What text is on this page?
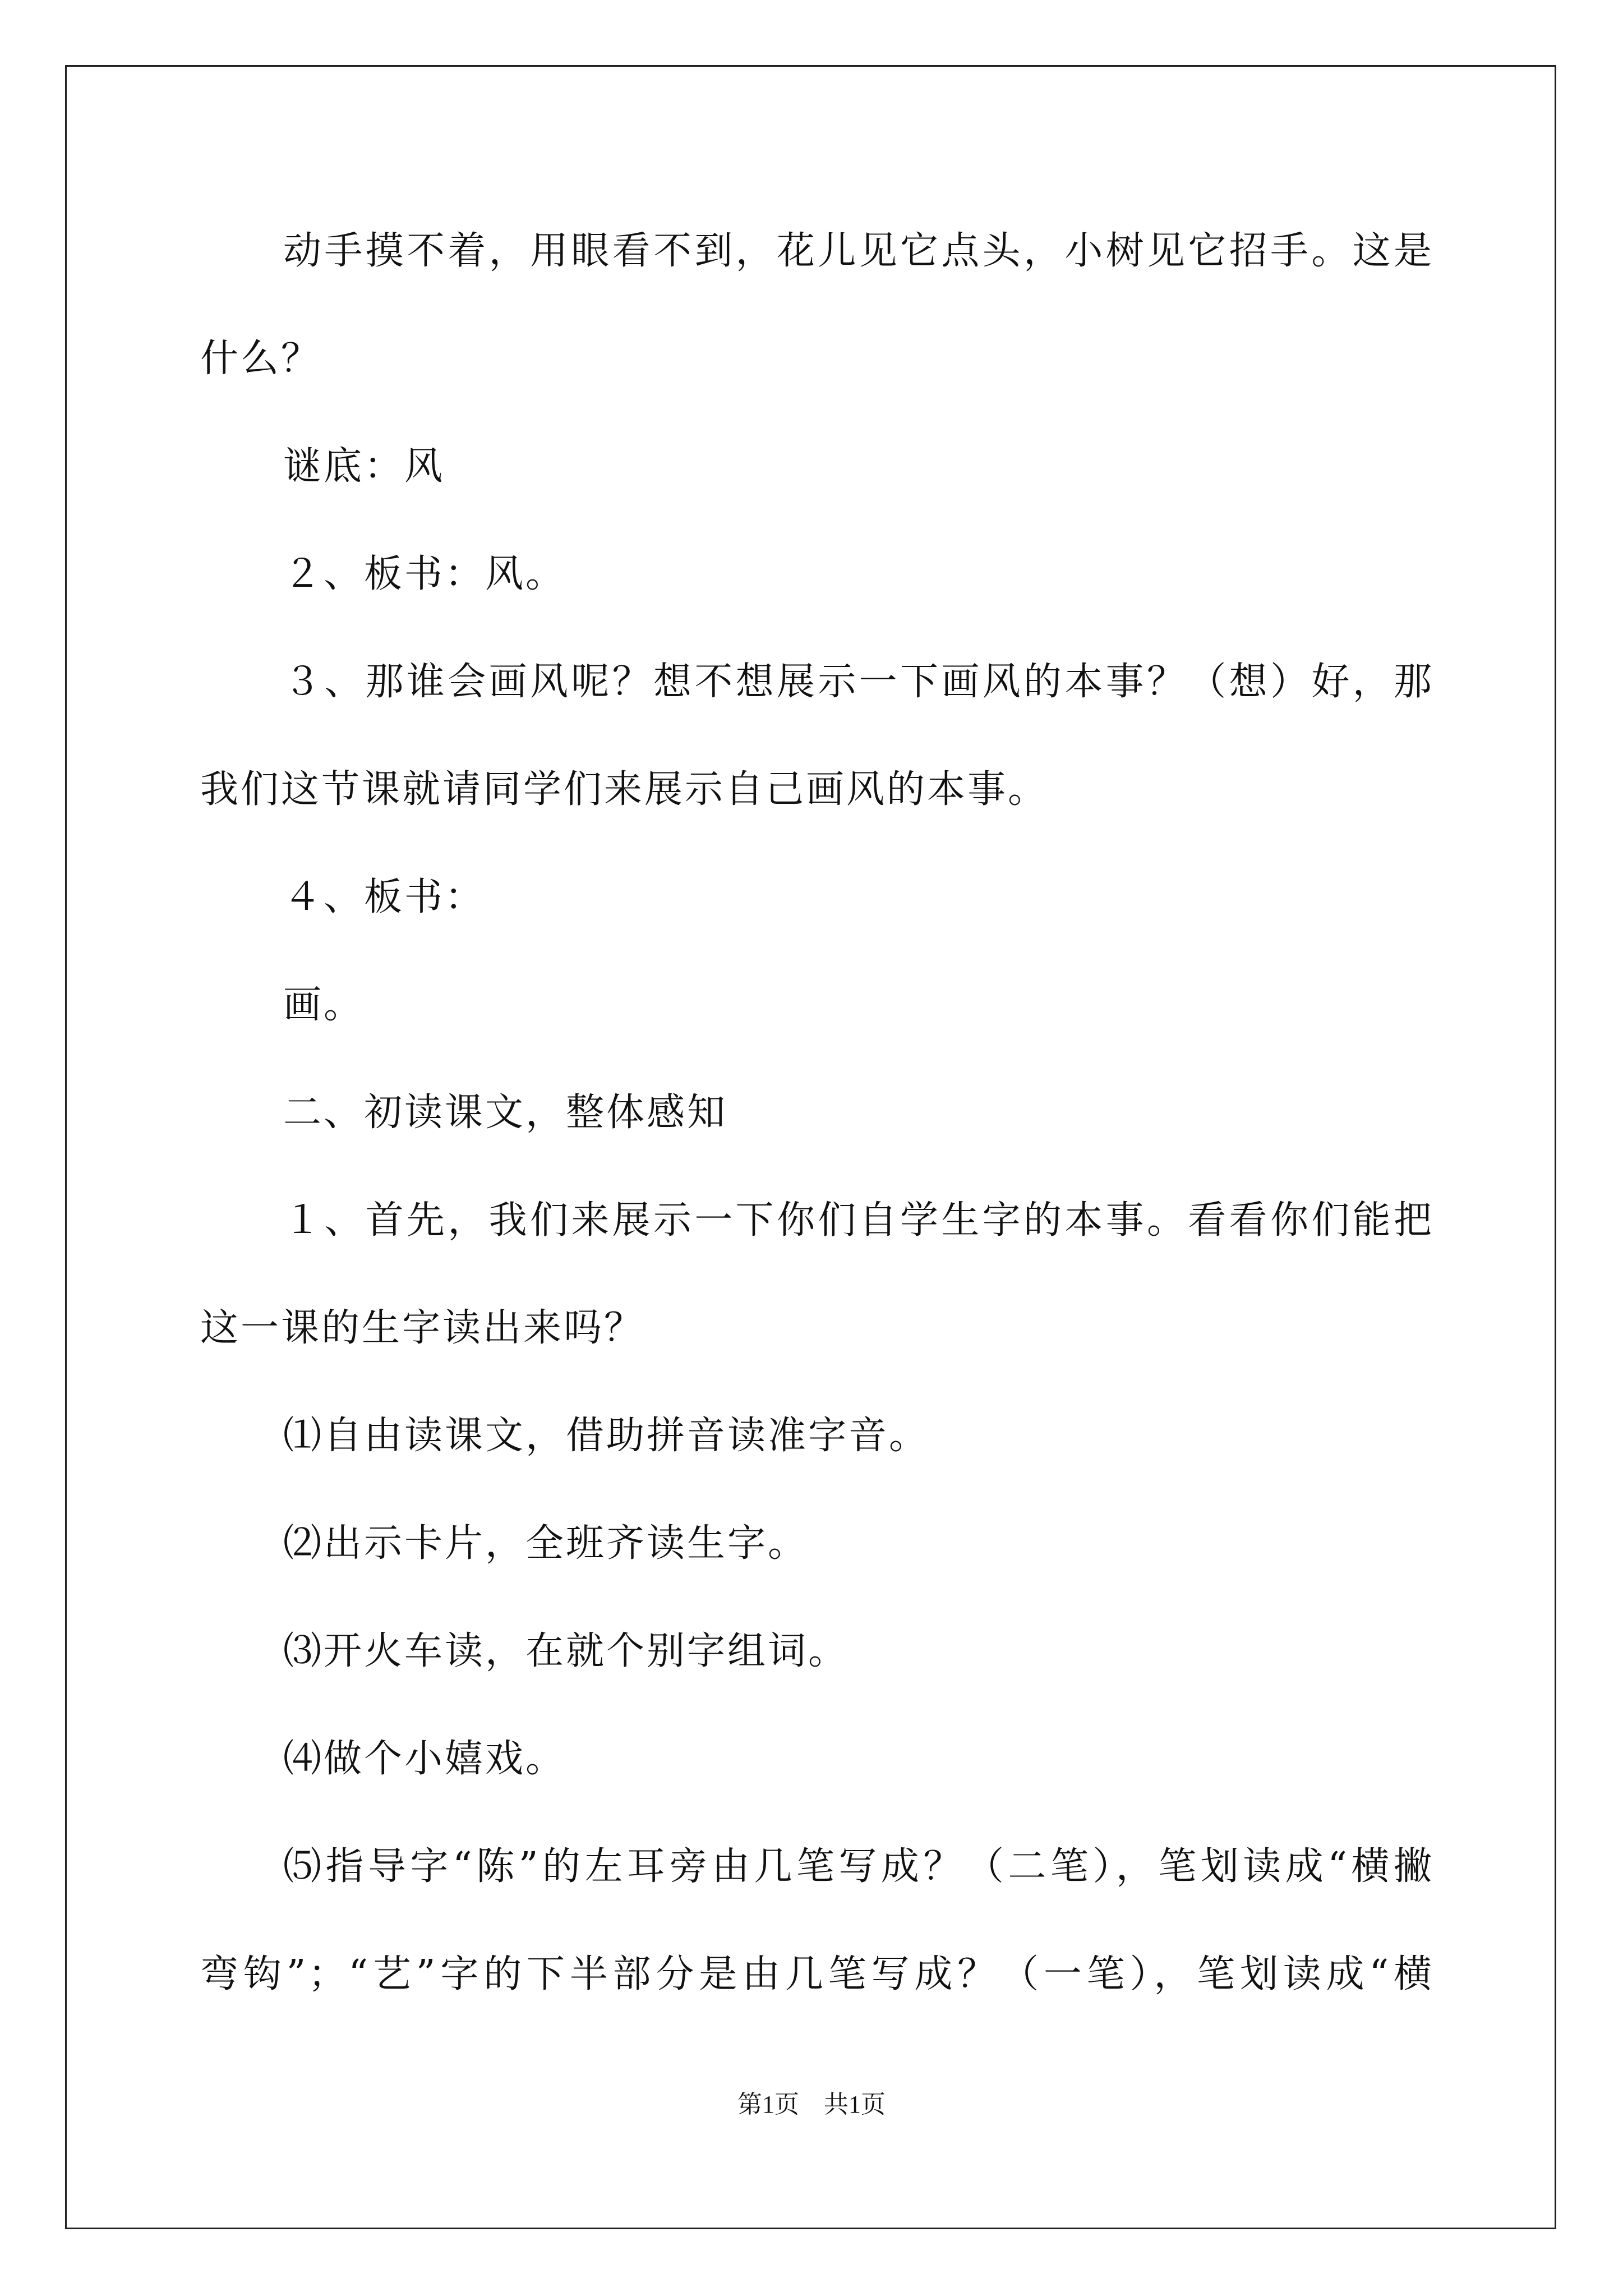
动手摸不着，用眼看不到，花儿见它点头，小树见它招手。这是
什么？
谜底：风
２、板书：风。
３、那谁会画风呢？想不想展示一下画风的本事？（想）好，那
我们这节课就请同学们来展示自己画风的本事。
４、板书：
画。
二、初读课文，整体感知
１、首先，我们来展示一下你们自学生字的本事。看看你们能把
这一课的生字读出来吗？
⑴自由读课文，借助拼音读准字音。
⑵出示卡片，全班齐读生字。
⑶开火车读，在就个别字组词。
⑷做个小嬉戏。
⑸指导字“陈”的左耳旁由几笔写成？（二笔），笔划读成“横撇
弯钩”；“艺”字的下半部分是由几笔写成？（一笔），笔划读成“横
第1页　共1页
